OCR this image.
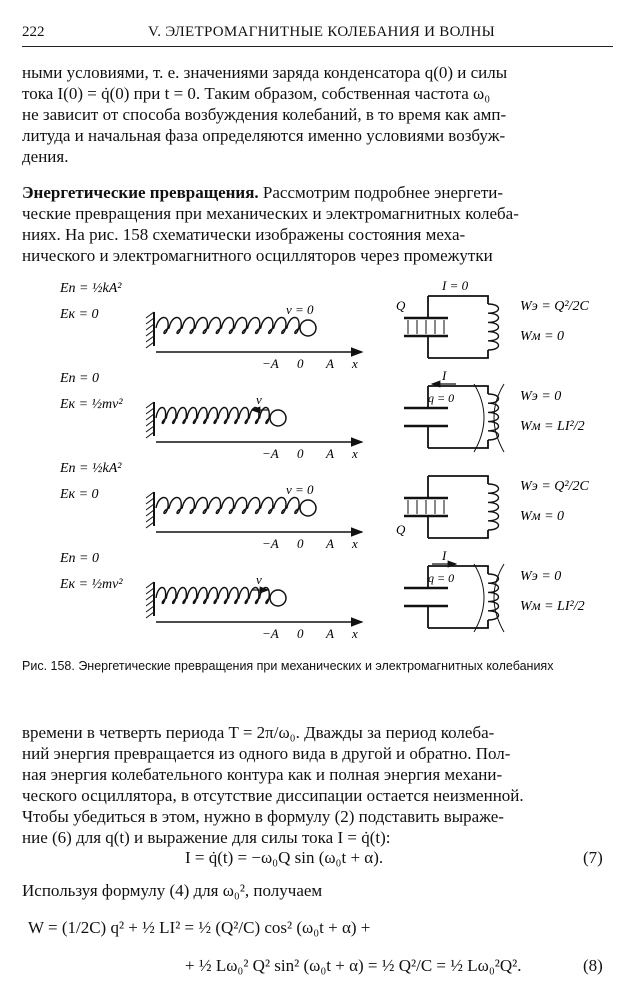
222	V. ЭЛЕТРОМАГНИТНЫЕ КОЛЕБАНИЯ И ВОЛНЫ
ными условиями, т. е. значениями заряда конденсатора q(0) и силы
тока I(0) = q̇(0) при t = 0. Таким образом, собственная частота ω₀
не зависит от способа возбуждения колебаний, в то время как амп-
литуда и начальная фаза определяются именно условиями возбуж-
дения.
Энергетические превращения. Рассмотрим подробнее энергети-
ческие превращения при механических и электромагнитных колеба-
ниях. На рис. 158 схематически изображены состояния меха-
нического и электромагнитного осцилляторов через промежутки
Eп = ½kA²
Eк = 0	v = 0
−A 0 A x
Q
I = 0
Wэ = Q²/2C
Wм = 0
Eп = 0
Eк = ½mv²	v
−A 0 A x
q = 0
I
Wэ = 0
Wм = LI²/2
Eп = ½kA²
Eк = 0	v = 0
−A 0 A x
Q
Wэ = Q²/2C
Wм = 0
Eп = 0
Eк = ½mv²	v
−A 0 A x
q = 0
I
Wэ = 0
Wм = LI²/2
Рис. 158. Энергетические превращения при механических и электромагнитных колебаниях
времени в четверть периода T = 2π/ω₀. Дважды за период колеба-
ний энергия превращается из одного вида в другой и обратно. Пол-
ная энергия колебательного контура как и полная энергия механи-
ческого осциллятора, в отсутствие диссипации остается неизменной.
Чтобы убедиться в этом, нужно в формулу (2) подставить выраже-
ние (6) для q(t) и выражение для силы тока I = q̇(t):
I = q̇(t) = −ω₀Q sin (ω₀t + α).	(7)
Используя формулу (4) для ω₀², получаем
W = (1/2C) q² + ½ LI² = ½ (Q²/C) cos² (ω₀t + α) +
+ ½ Lω₀² Q² sin² (ω₀t + α) = ½ Q²/C = ½ Lω₀²Q².	(8)
